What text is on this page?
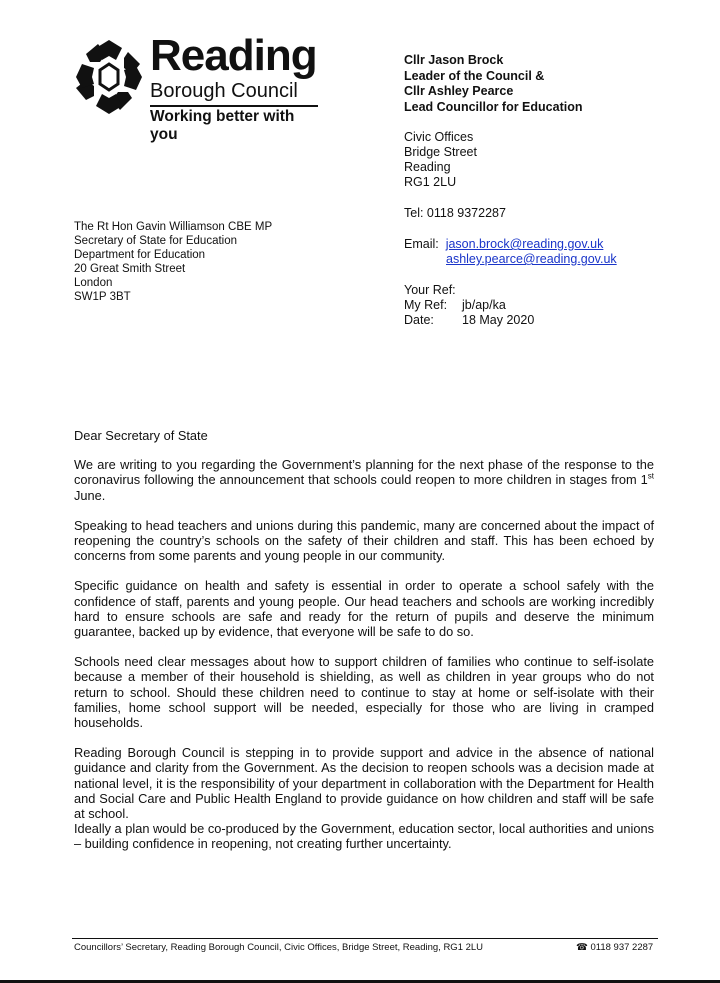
Reading
Borough Council
Working better with you
Cllr Jason Brock
Leader of the Council &
Cllr Ashley Pearce
Lead Councillor for Education
Civic Offices
Bridge Street
Reading
RG1 2LU
Tel: 0118 9372287
Email: jason.brock@reading.gov.uk
ashley.pearce@reading.gov.uk
Your Ref:
My Ref: jb/ap/ka
Date: 18 May 2020
The Rt Hon Gavin Williamson CBE MP
Secretary of State for Education
Department for Education
20 Great Smith Street
London
SW1P 3BT

Dear Secretary of State

We are writing to you regarding the Government’s planning for the next phase of the response to the coronavirus following the announcement that schools could reopen to more children in stages from 1st June.

Speaking to head teachers and unions during this pandemic, many are concerned about the impact of reopening the country’s schools on the safety of their children and staff. This has been echoed by concerns from some parents and young people in our community.

Specific guidance on health and safety is essential in order to operate a school safely with the confidence of staff, parents and young people. Our head teachers and schools are working incredibly hard to ensure schools are safe and ready for the return of pupils and deserve the minimum guarantee, backed up by evidence, that everyone will be safe to do so.

Schools need clear messages about how to support children of families who continue to self-isolate because a member of their household is shielding, as well as children in year groups who do not return to school. Should these children need to continue to stay at home or self-isolate with their families, home school support will be needed, especially for those who are living in cramped households.

Reading Borough Council is stepping in to provide support and advice in the absence of national guidance and clarity from the Government. As the decision to reopen schools was a decision made at national level, it is the responsibility of your department in collaboration with the Department for Health and Social Care and Public Health England to provide guidance on how children and staff will be safe at school.

Ideally a plan would be co-produced by the Government, education sector, local authorities and unions – building confidence in reopening, not creating further uncertainty.

Councillors’ Secretary, Reading Borough Council, Civic Offices, Bridge Street, Reading, RG1 2LU	☎ 0118 937 2287
